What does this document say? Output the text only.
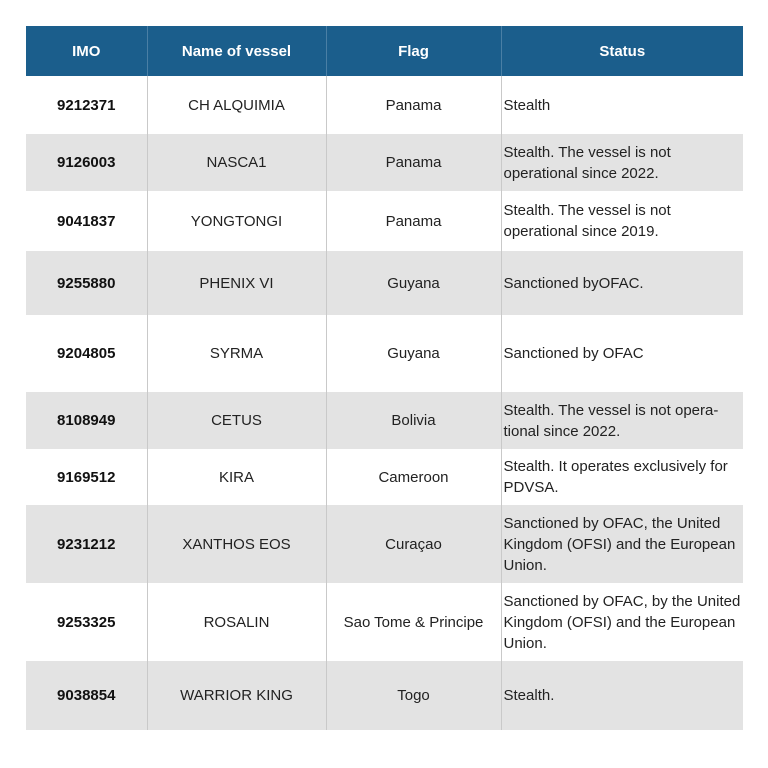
IMO	Name of vessel	Flag	Status
9212371	CH ALQUIMIA	Panama	Stealth
9126003	NASCA1	Panama	Stealth. The vessel is not operational since 2022.
9041837	YONGTONGI	Panama	Stealth. The vessel is not operational since 2019.
9255880	PHENIX VI	Guyana	Sanctioned byOFAC.
9204805	SYRMA	Guyana	Sanctioned by OFAC
8108949	CETUS	Bolivia	Stealth. The vessel is not opera-tional since 2022.
9169512	KIRA	Cameroon	Stealth. It operates exclusively for PDVSA.
9231212	XANTHOS EOS	Curaçao	Sanctioned by OFAC, the United Kingdom (OFSI) and the European Union.
9253325	ROSALIN	Sao Tome & Principe	Sanctioned by OFAC, by the United Kingdom (OFSI) and the European Union.
9038854	WARRIOR KING	Togo	Stealth.
